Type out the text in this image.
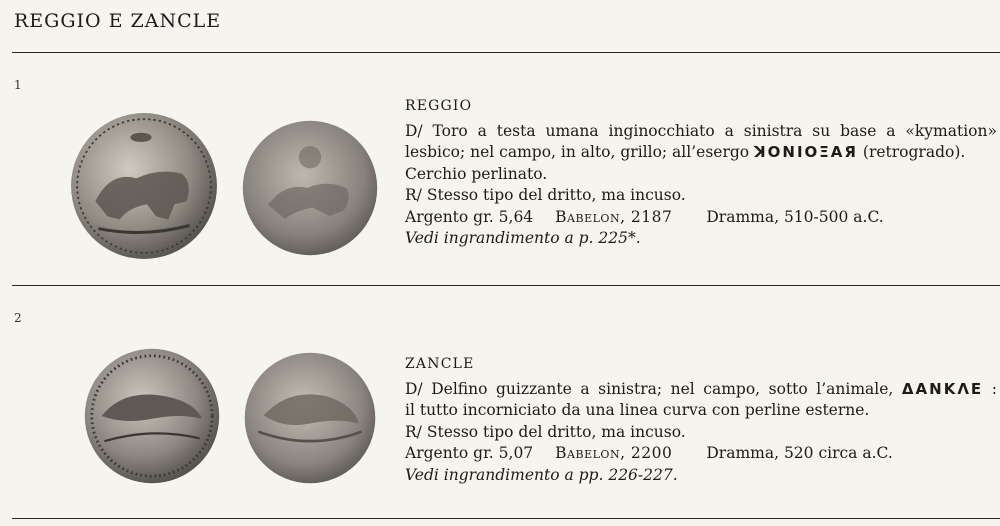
REGGIO E ZANCLE
1
REGGIO
D/ Toro a testa umana inginocchiato a sinistra su base a «kymation»
lesbico; nel campo, in alto, grillo; all’esergo ꓘΟΝΙΟΞΑЯ (retrogrado).
Cerchio perlinato.
R/ Stesso tipo del dritto, ma incuso.
Argento gr. 5,64 Babelon, 2187 Dramma, 510-500 a.C.
Vedi ingrandimento a p. 225*.
2
ZANCLE
D/ Delfino guizzante a sinistra; nel campo, sotto l’animale, ΔΑΝΚΛΕ :
il tutto incorniciato da una linea curva con perline esterne.
R/ Stesso tipo del dritto, ma incuso.
Argento gr. 5,07 Babelon, 2200 Dramma, 520 circa a.C.
Vedi ingrandimento a pp. 226-227.
